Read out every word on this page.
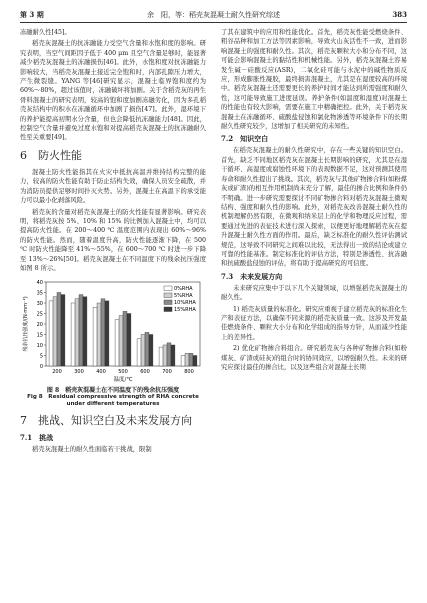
第 3 期	余　阳，等：稻壳灰混凝土耐久性研究综述	383

冻融耐久性[45]。

稻壳灰混凝土的抗冻融能力受空气含量和水饱和度的影响。研究表明，当空气间距因子低于 400 μm 且空气含量足够时，能显著减少稻壳灰混凝土的冻融损伤[46]。此外，水饱和度对抗冻融能力影响较大，当稻壳灰混凝土接近完全饱和时，内部孔隙压力增大，产生微裂缝。YANG 等[46]研究显示，混凝土临界饱和度约为 60%～80%，超过该值时，冻融破坏将加剧。关于含稻壳灰的再生骨料混凝土的研究表明，较高的饱和度加剧冻融劣化，因为多孔稻壳灰结构中的积水在冻融循环中加剧了损伤[47]。此外，湿环境下的养护能提高初期水分含量，但也会降低抗冻融能力[48]。因此，控制空气含量并避免过度水饱和对提高稻壳灰混凝土的抗冻融耐久性至关重要[49]。

6　防火性能

混凝土防火性能指其在火灾中抵抗高温并维持结构完整的能力，较高的防火性能有助于防止结构失效，确保人员安全疏散，并为消防员提供足够时间扑灭火势。另外，混凝土在高温下的承受能力可以最小化剥落风险。

稻壳灰的含量对稻壳灰混凝土的防火性能有显著影响。研究表明，将稻壳灰按 5%、10% 和 15% 的比例加入混凝土中，均可以提高防火性能。在 200～400 ℃ 温度范围内表现出 60%～96% 的防火性能。然而，随着温度升高，防火性能逐渐下降，在 500 ℃ 时防火性能降至 41%～55%，在 600～700 ℃ 时进一步下降至 13%～26%[50]。稻壳灰混凝土在不同温度下的残余抗压强度如图 8 所示。

0
5
10
15
20
25
30
35
40
残余抗压强度/(N·mm⁻²)
200 300 400 500 600 700 800
温度/℃
0%RHA
5%RHA
10%RHA
15%RHA
图 8　稻壳灰混凝土在不同温度下的残余抗压强度
Fig 8　Residual compressive strength of RHA concrete under different temperatures
7　挑战、知识空白及未来发展方向
7.1　挑战

稻壳灰混凝土的耐久性面临若干挑战，限制

了其在建筑中的应用和性能优化。首先，稻壳灰性能受燃烧条件、粗谷品种和加工方法等因素影响，导致火山灰活性不一致，进而影响混凝土的强度和耐久性。其次，稻壳灰颗粒大小和分布不同，这可能会影响混凝土的黏结性和机械性能。另外，稻壳灰混凝土容易发生碱－硅酸反应(ASR)，二氧化硅可能与水泥中的碱性物质反应，形成膨胀性凝胶，最终损害混凝土，尤其是在湿度较高的环境中。稻壳灰混凝土还需要更长的养护时间才能达到所需强度和耐久性，这可能导致施工进度延误。养护条件(如温度和湿度)对混凝土的性能也有较大影响，需要在施工中精确把控。此外，关于稻壳灰混凝土在冻融循环、硫酸盐侵蚀和氯化物渗透等环境条件下的长期耐久性研究较少，这增加了相关研究的未知性。

7.2　知识空白

在稻壳灰混凝土的耐久性研究中，存在一些关键的知识空白。首先，缺乏不同地区稻壳灰在混凝土长期影响的研究，尤其是在湿干循环、高湿度或腐蚀性环境下的表现数据不足，这对预测其使用寿命和耐久性提出了挑战。其次，稻壳灰与其他矿物掺合料(如粉煤灰或矿渣)的相互作用机制尚未充分了解，最佳的掺合比例和条件仍不明确。进一步研究需要探讨不同矿物掺合料对稻壳灰混凝土微观结构、强度和耐久性的影响。此外，对稻壳灰改善混凝土耐久性的机制理解仍然有限，在微观和纳米层上的化学和物理反应过程，需要通过先进的表征技术进行深入探索，以便更好地理解稻壳灰在提升混凝土耐久性方面的作用。最后，缺乏标准化的耐久性评估测试规范，这导致不同研究之间难以比较，无法得出一致的结论或建立可靠的性能基准。制定标准化的评估方法，特别是渗透性、抗冻融和抗硫酸盐侵蚀的评估，将有助于提高研究的可信度。

7.3　未来发展方向

未来研究应集中于以下几个关键领域，以增强稻壳灰混凝土的耐久性。

1) 稻壳灰质量的标准化。研究应重视于建立稻壳灰的标准化生产和表征方法，以确保不同来源的稻壳灰质量一致。这涉及开发最佳燃烧条件、颗粒大小分布和化学组成的指导方针，从而减少性能上的差异性。

2) 优化矿物掺合料组合。研究稻壳灰与各种矿物掺合料(如粉煤灰、矿渣或硅灰)的组合时的协同效应，以增强耐久性。未来的研究应探讨最佳的掺合比，以及这些组合对混凝土长期
